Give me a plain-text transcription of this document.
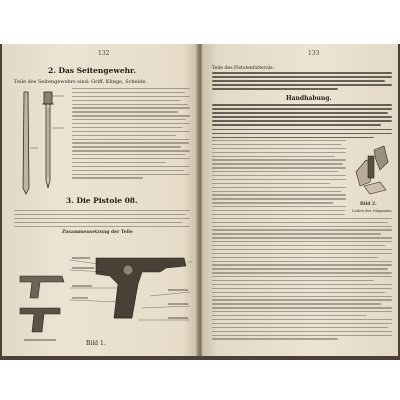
132
2. Das Seitengewehr.
Teile des Seitengewehrs sind: Griff, Klinge, Scheide.
3. Die Pistole 08.
Zusammensetzung der Teile
Bild 1.
133
Teile des Pistolenfutterals:
Handhabung.
Bild 2.
Laden des Magazins.
